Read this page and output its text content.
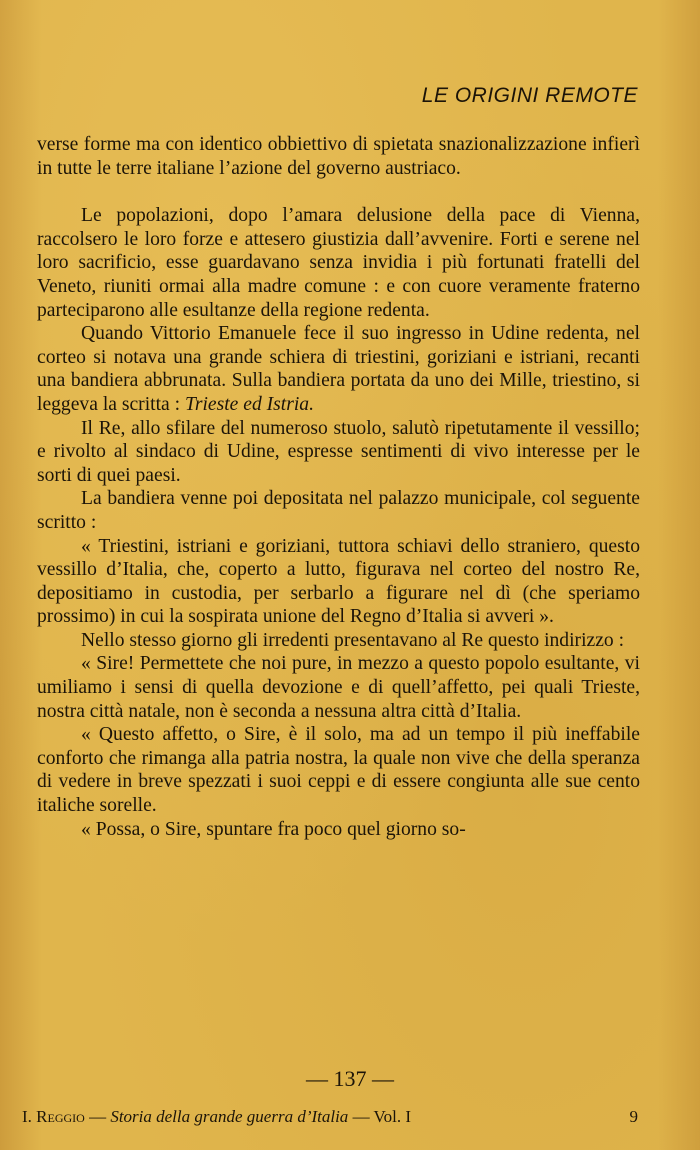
LE ORIGINI REMOTE

verse forme ma con identico obbiettivo di spietata snazionalizzazione infierì in tutte le terre italiane l’azione del governo austriaco.

Le popolazioni, dopo l’amara delusione della pace di Vienna, raccolsero le loro forze e attesero giustizia dall’avvenire. Forti e serene nel loro sacrificio, esse guardavano senza invidia i più fortunati fratelli del Veneto, riuniti ormai alla madre comune : e con cuore veramente fraterno parteciparono alle esultanze della regione redenta.

Quando Vittorio Emanuele fece il suo ingresso in Udine redenta, nel corteo si notava una grande schiera di triestini, goriziani e istriani, recanti una bandiera abbrunata. Sulla bandiera portata da uno dei Mille, triestino, si leggeva la scritta : Trieste ed Istria.

Il Re, allo sfilare del numeroso stuolo, salutò ripetutamente il vessillo; e rivolto al sindaco di Udine, espresse sentimenti di vivo interesse per le sorti di quei paesi.

La bandiera venne poi depositata nel palazzo municipale, col seguente scritto :

« Triestini, istriani e goriziani, tuttora schiavi dello straniero, questo vessillo d’Italia, che, coperto a lutto, figurava nel corteo del nostro Re, depositiamo in custodia, per serbarlo a figurare nel dì (che speriamo prossimo) in cui la sospirata unione del Regno d’Italia si avveri ».

Nello stesso giorno gli irredenti presentavano al Re questo indirizzo :

« Sire! Permettete che noi pure, in mezzo a questo popolo esultante, vi umiliamo i sensi di quella devozione e di quell’affetto, pei quali Trieste, nostra città natale, non è seconda a nessuna altra città d’Italia.

« Questo affetto, o Sire, è il solo, ma ad un tempo il più ineffabile conforto che rimanga alla patria nostra, la quale non vive che della speranza di vedere in breve spezzati i suoi ceppi e di essere congiunta alle sue cento italiche sorelle.

« Possa, o Sire, spuntare fra poco quel giorno so-

— 137 —
I. Reggio — Storia della grande guerra d’Italia — Vol. I	9
